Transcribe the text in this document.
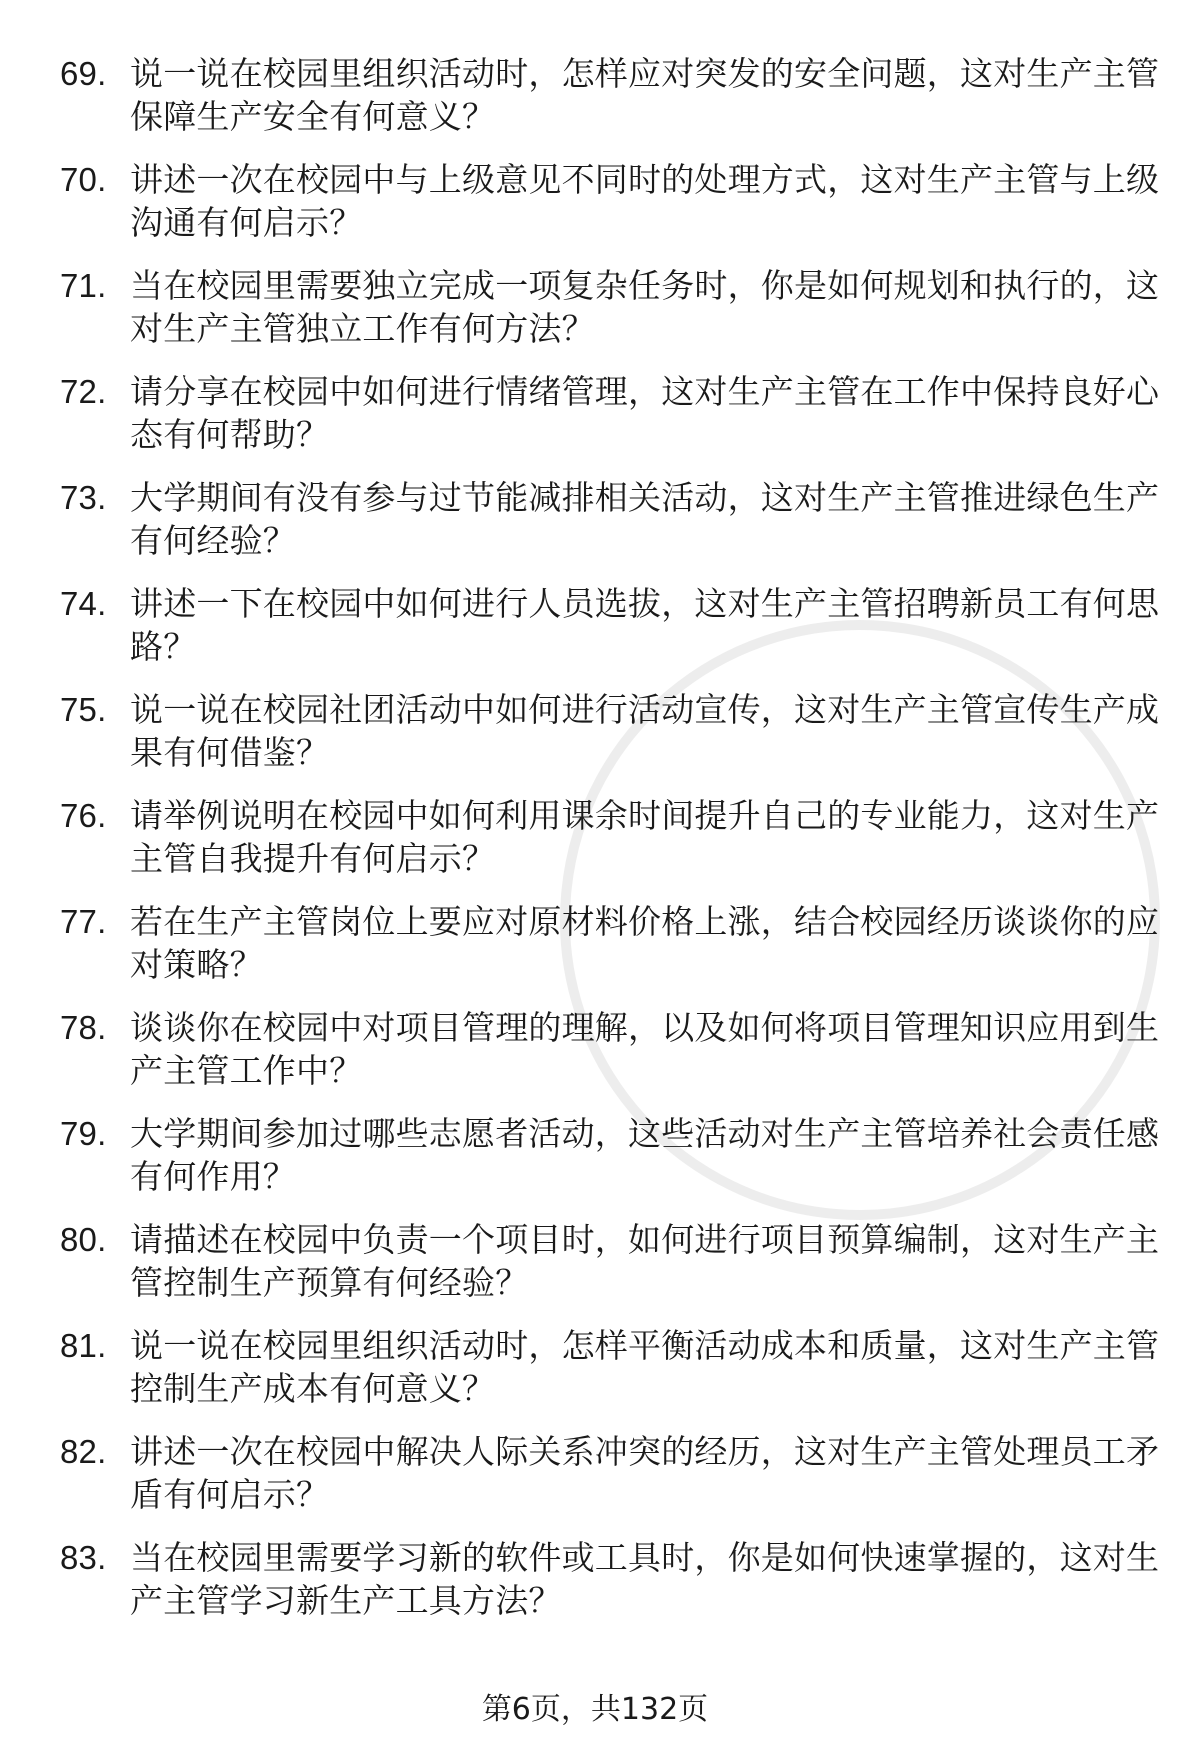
69. 说一说在校园里组织活动时，怎样应对突发的安全问题，这对生产主管保障生产安全有何意义？
70. 讲述一次在校园中与上级意见不同时的处理方式，这对生产主管与上级沟通有何启示？
71. 当在校园里需要独立完成一项复杂任务时，你是如何规划和执行的，这对生产主管独立工作有何方法？
72. 请分享在校园中如何进行情绪管理，这对生产主管在工作中保持良好心态有何帮助？
73. 大学期间有没有参与过节能减排相关活动，这对生产主管推进绿色生产有何经验？
74. 讲述一下在校园中如何进行人员选拔，这对生产主管招聘新员工有何思路？
75. 说一说在校园社团活动中如何进行活动宣传，这对生产主管宣传生产成果有何借鉴？
76. 请举例说明在校园中如何利用课余时间提升自己的专业能力，这对生产主管自我提升有何启示？
77. 若在生产主管岗位上要应对原材料价格上涨，结合校园经历谈谈你的应对策略？
78. 谈谈你在校园中对项目管理的理解，以及如何将项目管理知识应用到生产主管工作中？
79. 大学期间参加过哪些志愿者活动，这些活动对生产主管培养社会责任感有何作用？
80. 请描述在校园中负责一个项目时，如何进行项目预算编制，这对生产主管控制生产预算有何经验？
81. 说一说在校园里组织活动时，怎样平衡活动成本和质量，这对生产主管控制生产成本有何意义？
82. 讲述一次在校园中解决人际关系冲突的经历，这对生产主管处理员工矛盾有何启示？
83. 当在校园里需要学习新的软件或工具时，你是如何快速掌握的，这对生产主管学习新生产工具方法？
第6页，共132页
